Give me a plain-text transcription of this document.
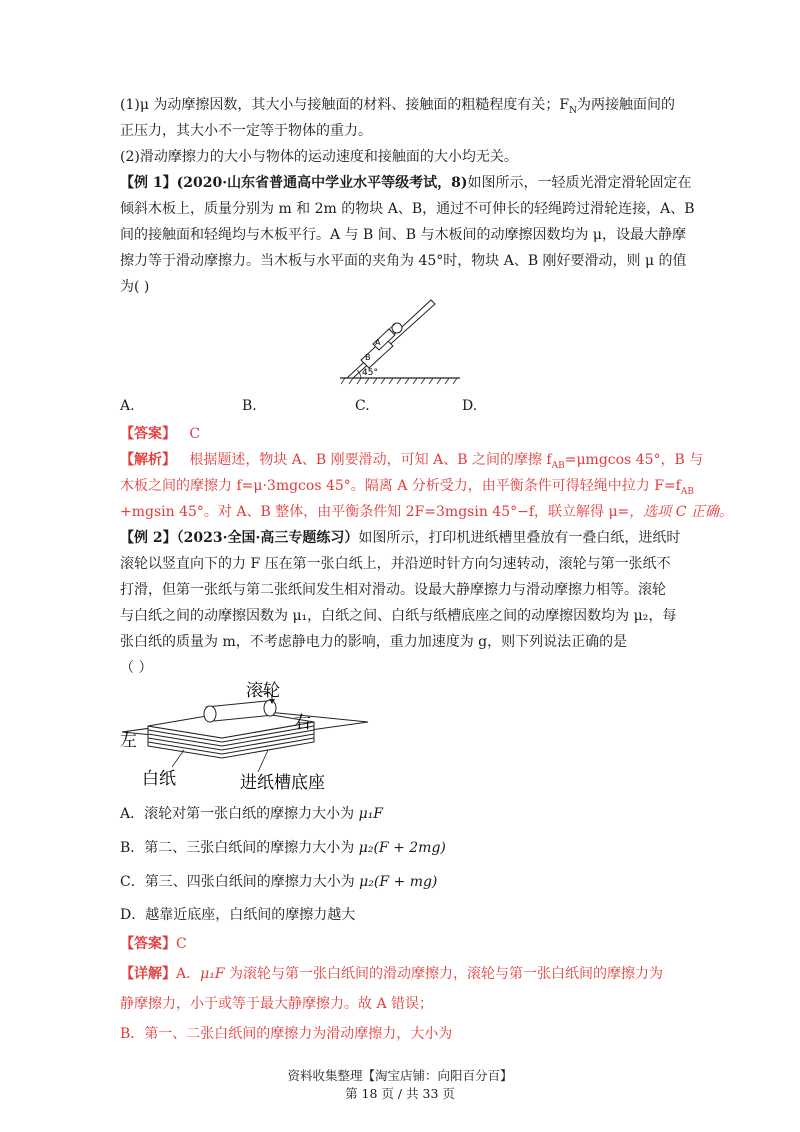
(1)μ 为动摩擦因数，其大小与接触面的材料、接触面的粗糙程度有关；$F_N$为两接触面间的
正压力，其大小不一定等于物体的重力。
(2)滑动摩擦力的大小与物体的运动速度和接触面的大小均无关。
【例 1】(2020·山东省普通高中学业水平等级考试，8)如图所示，一轻质光滑定滑轮固定在
倾斜木板上，质量分别为 m 和 2m 的物块 A、B，通过不可伸长的轻绳跨过滑轮连接，A、B
间的接触面和轻绳均与木板平行。A 与 B 间、B 与木板间的动摩擦因数均为 μ，设最大静摩
擦力等于滑动摩擦力。当木板与水平面的夹角为 45°时，物块 A、B 刚好要滑动，则 μ 的值
为( )
A
B
45°
A.	B.	C.	D.
【答案】 C
【解析】 根据题述，物块 A、B 刚要滑动，可知 A、B 之间的摩擦 $f_{AB}=\mu mgcos$ 45°，B 与
木板之间的摩擦力 f=μ·3mgcos 45°。隔离 A 分析受力，由平衡条件可得轻绳中拉力 $F=f_{AB}$
+mgsin 45°。对 A、B 整体，由平衡条件知 2F=3mgsin 45°−f，联立解得 μ=，选项 C 正确。
【例 2】（2023·全国·高三专题练习）如图所示，打印机进纸槽里叠放有一叠白纸，进纸时
滚轮以竖直向下的力 F 压在第一张白纸上，并沿逆时针方向匀速转动，滚轮与第一张纸不
打滑，但第一张纸与第二张纸间发生相对滑动。设最大静摩擦力与滑动摩擦力相等。滚轮
与白纸之间的动摩擦因数为 μ₁，白纸之间、白纸与纸槽底座之间的动摩擦因数均为 μ₂，每
张白纸的质量为 m，不考虑静电力的影响，重力加速度为 g，则下列说法正确的是
（ ）
滚轮
右
左
白纸	进纸槽底座
A．滚轮对第一张白纸的摩擦力大小为 μ₁F
B．第二、三张白纸间的摩擦力大小为 μ₂(F + 2mg)
C．第三、四张白纸间的摩擦力大小为 μ₂(F + mg)
D．越靠近底座，白纸间的摩擦力越大
【答案】C
【详解】A．μ₁F 为滚轮与第一张白纸间的滑动摩擦力，滚轮与第一张白纸间的摩擦力为
静摩擦力，小于或等于最大静摩擦力。故 A 错误；
B．第一、二张白纸间的摩擦力为滑动摩擦力，大小为
资料收集整理【淘宝店铺：向阳百分百】
第 18 页 / 共 33 页
